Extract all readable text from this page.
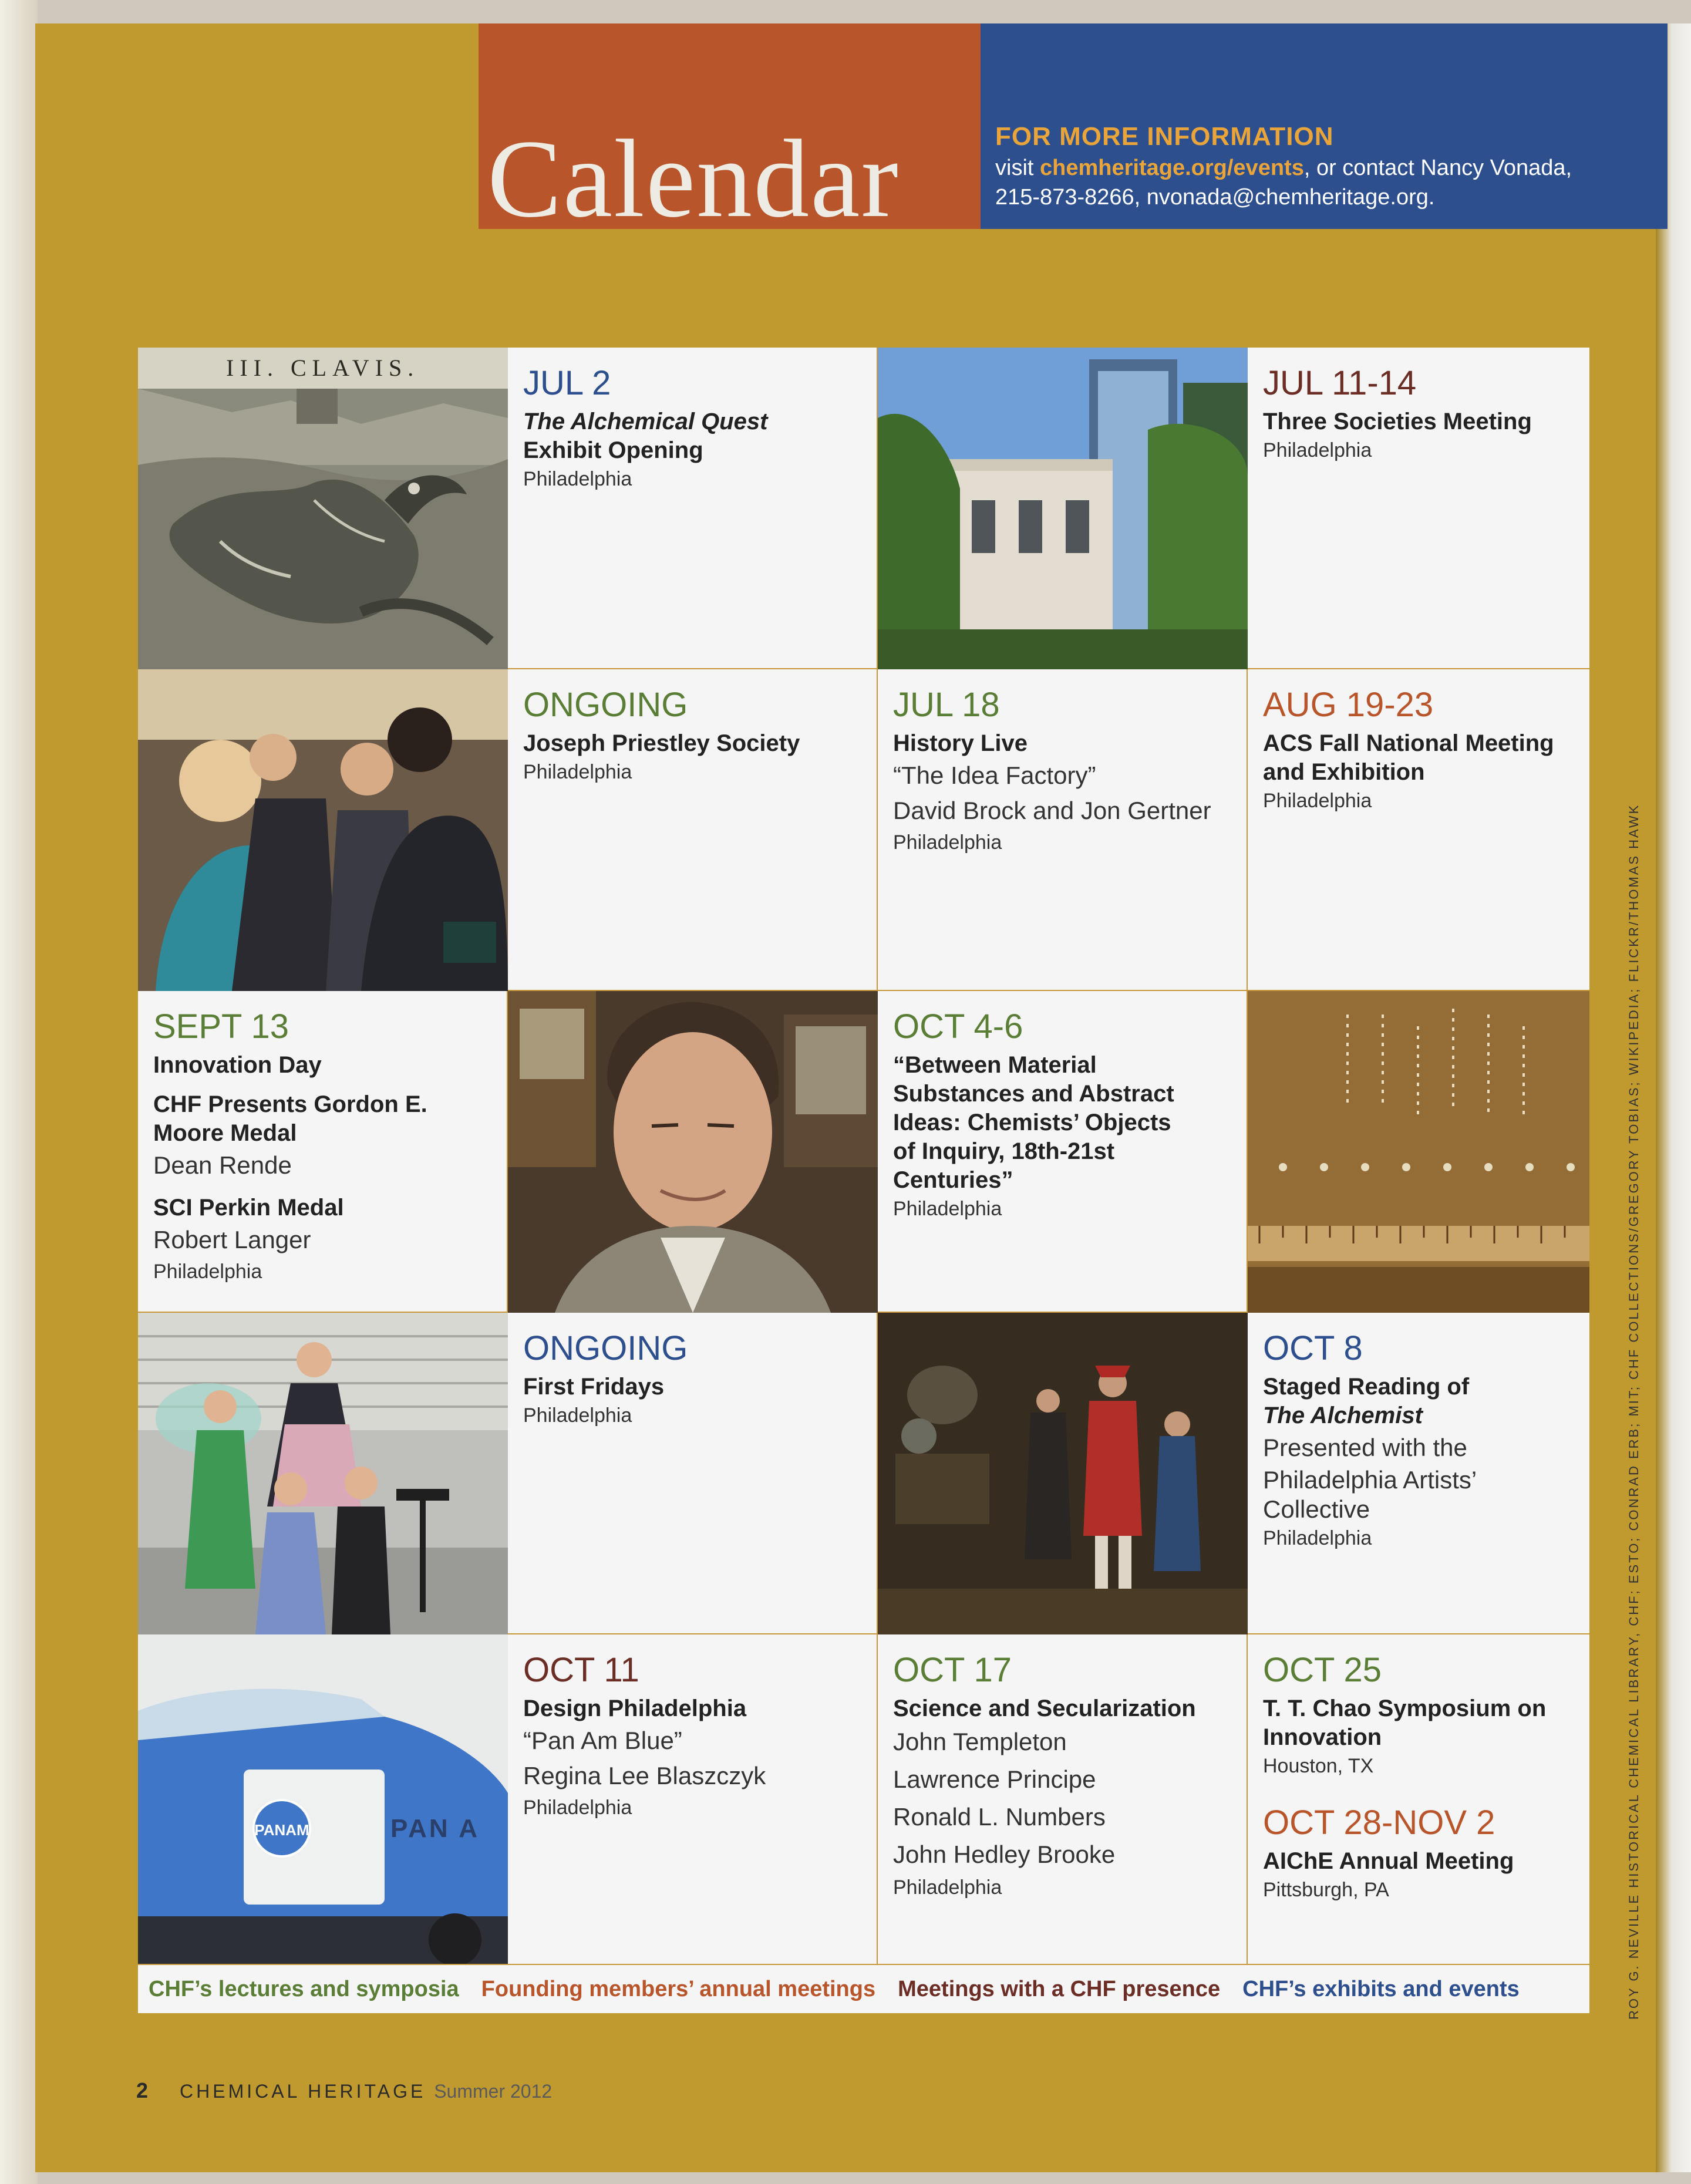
Calendar	FOR MORE INFORMATION
visit chemheritage.org/events, or contact Nancy Vonada,
215-873-8266, nvonada@chemheritage.org.
III. CLAVIS.	JUL 2
The Alchemical Quest
Exhibit Opening
Philadelphia
JUL 11-14
Three Societies Meeting
Philadelphia
ONGOING
Joseph Priestley Society
Philadelphia
JUL 18
History Live
“The Idea Factory”
David Brock and Jon Gertner
Philadelphia
AUG 19-23
ACS Fall National Meeting
and Exhibition
Philadelphia
SEPT 13
Innovation Day
CHF Presents Gordon E.
Moore Medal
Dean Rende
SCI Perkin Medal
Robert Langer
Philadelphia
OCT 4-6
“Between Material
Substances and Abstract
Ideas: Chemists’ Objects
of Inquiry, 18th-21st
Centuries”
Philadelphia
ONGOING
First Fridays
Philadelphia
OCT 8
Staged Reading of
The Alchemist
Presented with the
Philadelphia Artists’
Collective
Philadelphia
PANAM	PAN A
OCT 11
Design Philadelphia
“Pan Am Blue”
Regina Lee Blaszczyk
Philadelphia
OCT 17
Science and Secularization
John Templeton
Lawrence Principe
Ronald L. Numbers
John Hedley Brooke
Philadelphia
OCT 25
T. T. Chao Symposium on
Innovation
Houston, TX
OCT 28-NOV 2
AIChE Annual Meeting
Pittsburgh, PA
CHF’s lectures and symposia Founding members’ annual meetings Meetings with a CHF presence CHF’s exhibits and events
2 CHEMICAL HERITAGE Summer 2012
ROY G. NEVILLE HISTORICAL CHEMICAL LIBRARY, CHF; ESTO; CONRAD ERB; MIT; CHF COLLECTIONS/GREGORY TOBIAS; WIKIPEDIA; FLICKR/THOMAS HAWK
